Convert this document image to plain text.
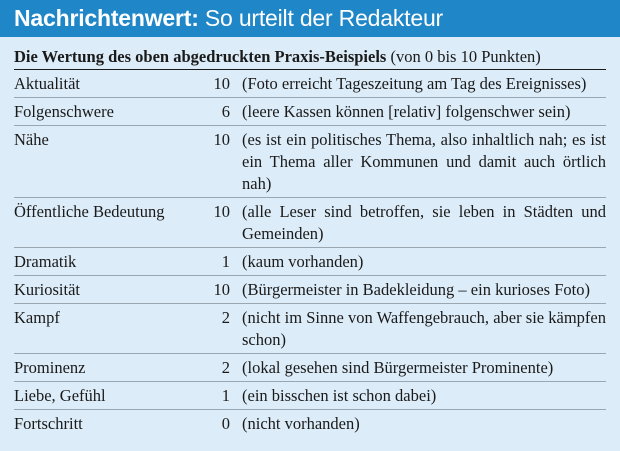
Nachrichtenwert: So urteilt der Redakteur
Die Wertung des oben abgedruckten Praxis-Beispiels (von 0 bis 10 Punkten)
Aktualität	10	(Foto erreicht Tageszeitung am Tag des Ereignisses)
Folgenschwere	6	(leere Kassen können [relativ] folgenschwer sein)
Nähe	10	(es ist ein politisches Thema, also inhaltlich nah; es ist ein Thema aller Kommunen und damit auch örtlich nah)
Öffentliche Bedeutung	10	(alle Leser sind betroffen, sie leben in Städten und Gemeinden)
Dramatik	1	(kaum vorhanden)
Kuriosität	10	(Bürgermeister in Badekleidung – ein kurioses Foto)
Kampf	2	(nicht im Sinne von Waffengebrauch, aber sie kämpfen schon)
Prominenz	2	(lokal gesehen sind Bürgermeister Prominente)
Liebe, Gefühl	1	(ein bisschen ist schon dabei)
Fortschritt	0	(nicht vorhanden)
